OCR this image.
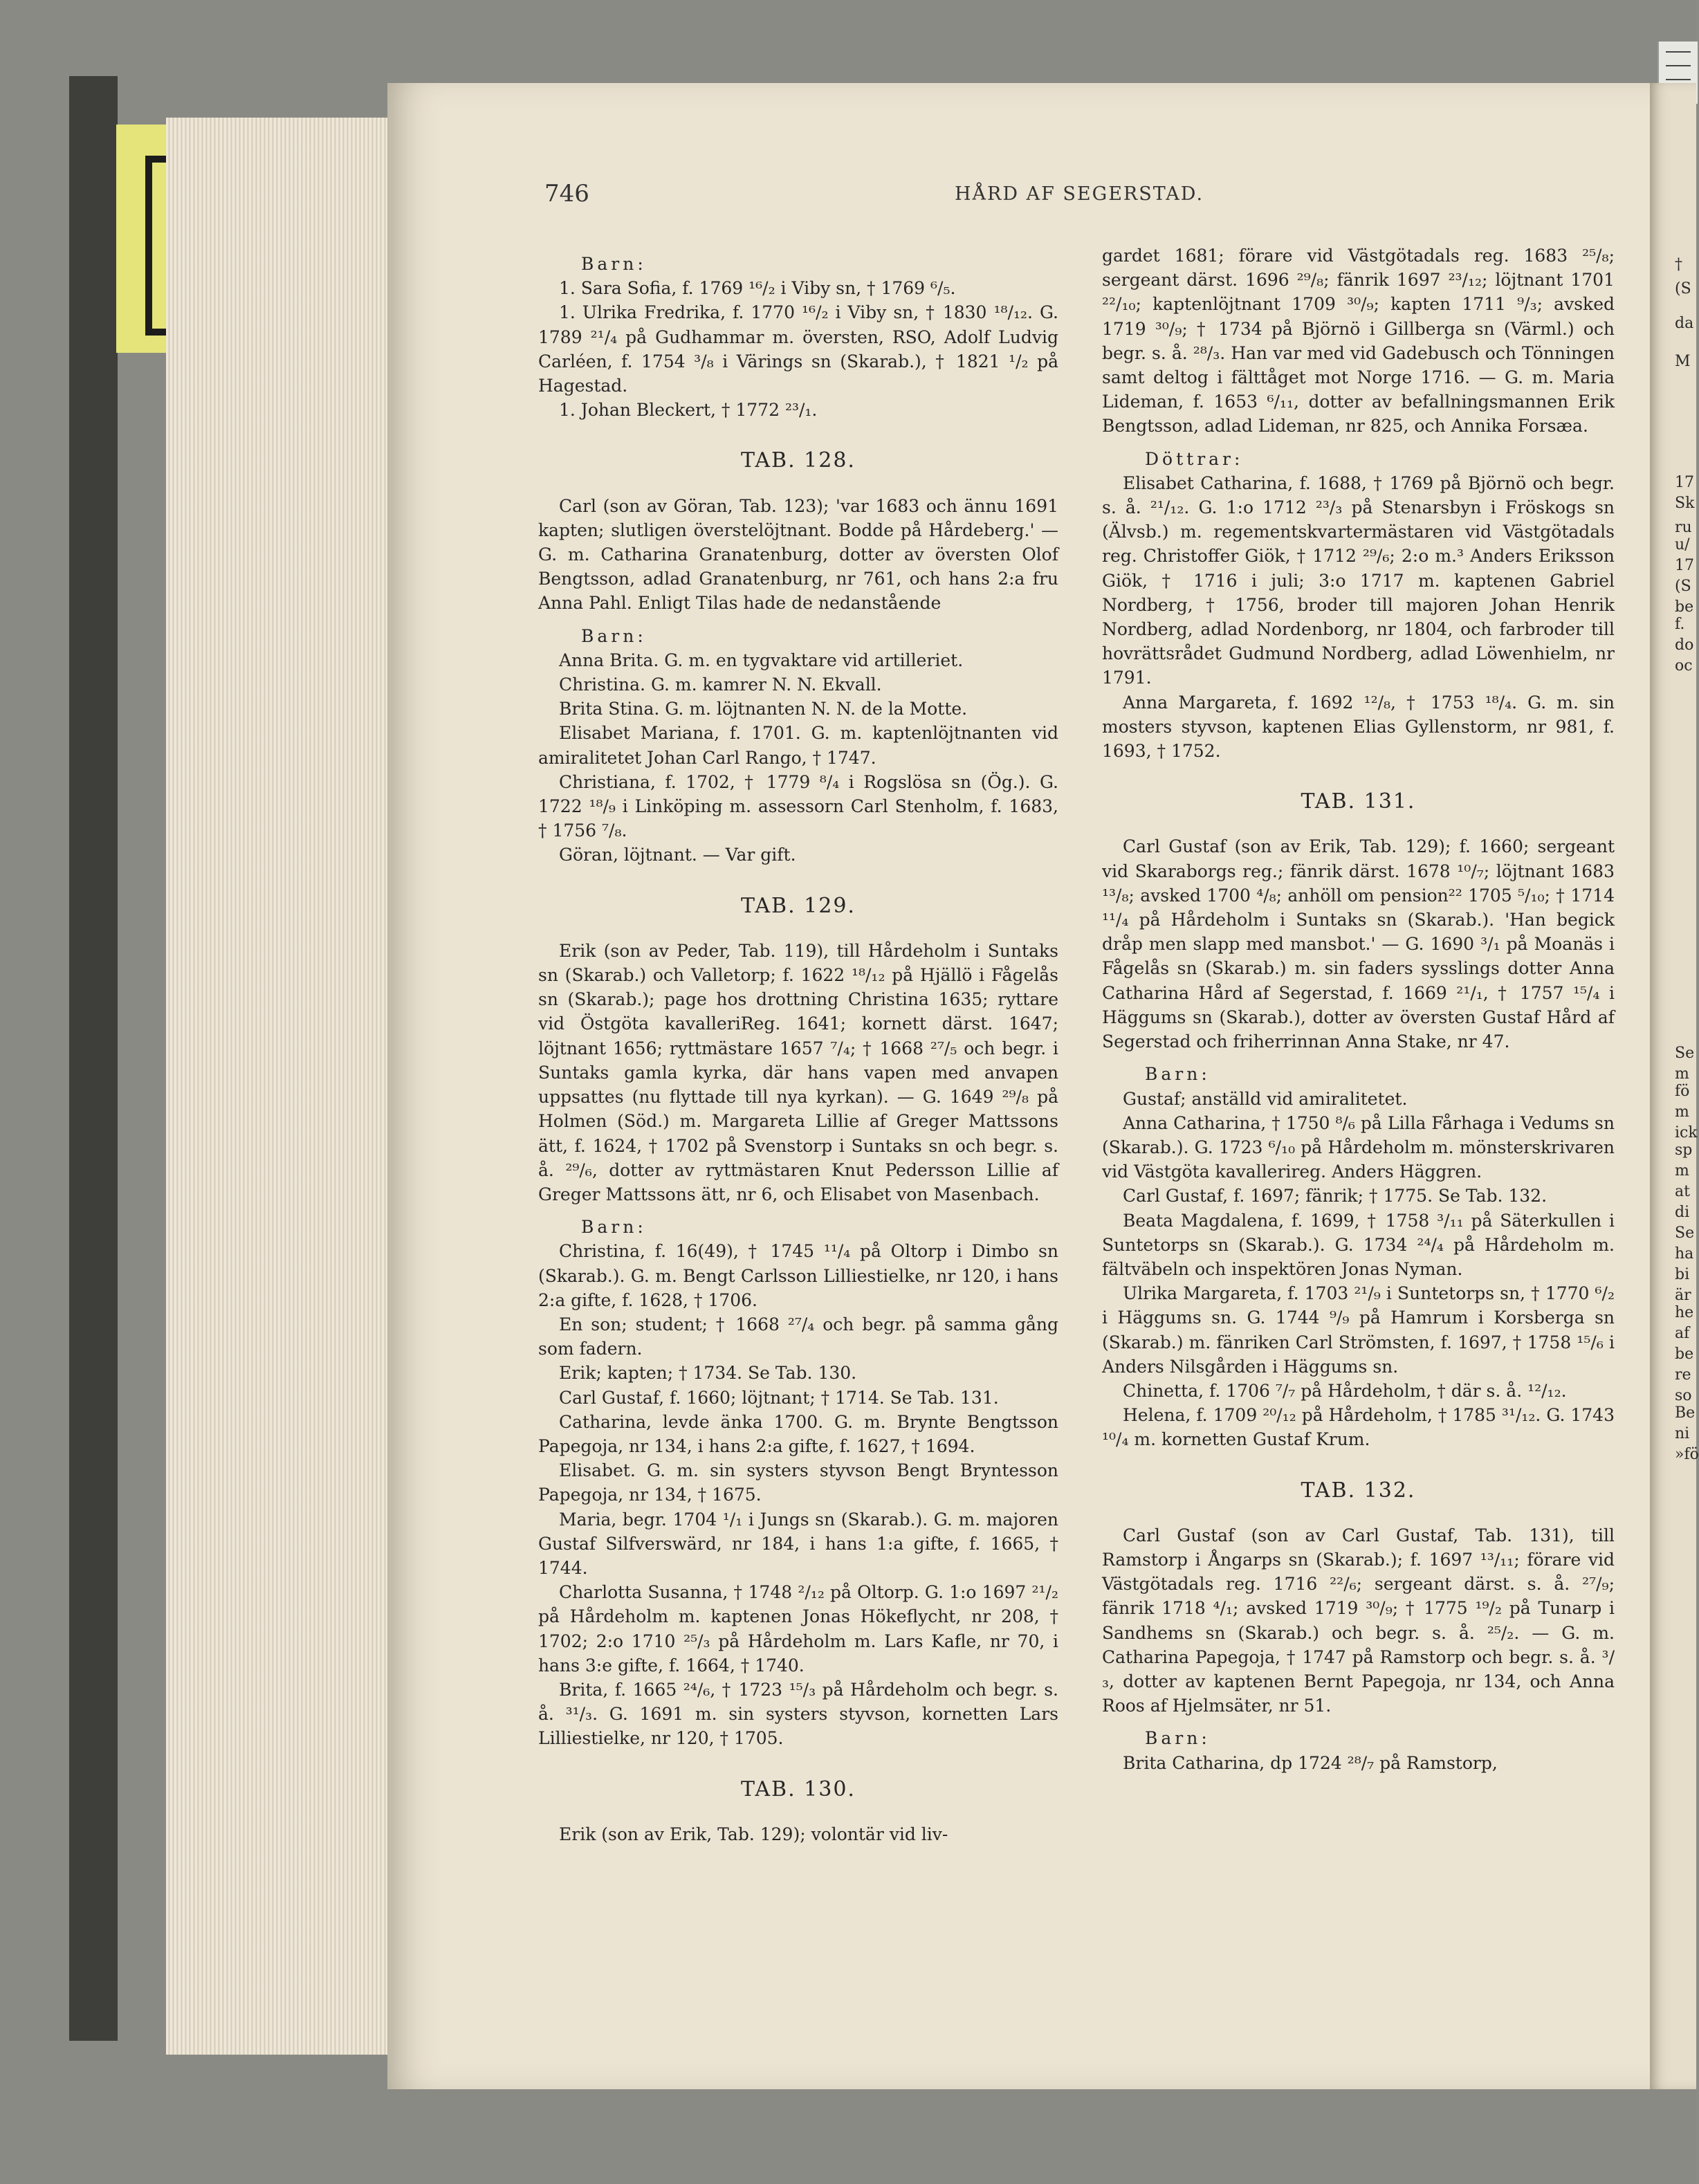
†
(S
da
M
17
Sk
ru
u/
17
(S
be
f.
do
oc
Se
m
fö
m
ick
sp
m
at
di
Se
ha
bi
är
he
af
be
re
so
Be
ni
»fö
746	HÅRD AF SEGERSTAD.

Barn:

1. Sara Sofia, f. 1769 ¹⁶/₂ i Viby sn, † 1769 ⁶/₅.

1. Ulrika Fredrika, f. 1770 ¹⁶/₂ i Viby sn, † 1830 ¹⁸/₁₂. G. 1789 ²¹/₄ på Gudhammar m. översten, RSO, Adolf Ludvig Carléen, f. 1754 ³/₈ i Värings sn (Skarab.), † 1821 ¹/₂ på Hagestad.

1. Johan Bleckert, † 1772 ²³/₁.

TAB. 128.

Carl (son av Göran, Tab. 123); 'var 1683 och ännu 1691 kapten; slutligen överstelöjtnant. Bodde på Hårdeberg.' — G. m. Catharina Granatenburg, dotter av översten Olof Bengtsson, adlad Granatenburg, nr 761, och hans 2:a fru Anna Pahl. Enligt Tilas hade de nedanstående

Barn:

Anna Brita. G. m. en tygvaktare vid artilleriet.

Christina. G. m. kamrer N. N. Ekvall.

Brita Stina. G. m. löjtnanten N. N. de la Motte.

Elisabet Mariana, f. 1701. G. m. kaptenlöjtnanten vid amiralitetet Johan Carl Rango, † 1747.

Christiana, f. 1702, † 1779 ⁸/₄ i Rogslösa sn (Ög.). G. 1722 ¹⁸/₉ i Linköping m. assessorn Carl Stenholm, f. 1683, † 1756 ⁷/₈.

Göran, löjtnant. — Var gift.

TAB. 129.

Erik (son av Peder, Tab. 119), till Hårdeholm i Suntaks sn (Skarab.) och Valletorp; f. 1622 ¹⁸/₁₂ på Hjällö i Fågelås sn (Skarab.); page hos drottning Christina 1635; ryttare vid Östgöta kavalleriReg. 1641; kornett därst. 1647; löjtnant 1656; ryttmästare 1657 ⁷/₄; † 1668 ²⁷/₅ och begr. i Suntaks gamla kyrka, där hans vapen med anvapen uppsattes (nu flyttade till nya kyrkan). — G. 1649 ²⁹/₈ på Holmen (Söd.) m. Margareta Lillie af Greger Mattssons ätt, f. 1624, † 1702 på Svenstorp i Suntaks sn och begr. s. å. ²⁹/₆, dotter av ryttmästaren Knut Pedersson Lillie af Greger Mattssons ätt, nr 6, och Elisabet von Masenbach.

Barn:

Christina, f. 16(49), † 1745 ¹¹/₄ på Oltorp i Dimbo sn (Skarab.). G. m. Bengt Carlsson Lilliestielke, nr 120, i hans 2:a gifte, f. 1628, † 1706.

En son; student; † 1668 ²⁷/₄ och begr. på samma gång som fadern.

Erik; kapten; † 1734. Se Tab. 130.

Carl Gustaf, f. 1660; löjtnant; † 1714. Se Tab. 131.

Catharina, levde änka 1700. G. m. Brynte Bengtsson Papegoja, nr 134, i hans 2:a gifte, f. 1627, † 1694.

Elisabet. G. m. sin systers styvson Bengt Bryntesson Papegoja, nr 134, † 1675.

Maria, begr. 1704 ¹/₁ i Jungs sn (Skarab.). G. m. majoren Gustaf Silfverswärd, nr 184, i hans 1:a gifte, f. 1665, † 1744.

Charlotta Susanna, † 1748 ²/₁₂ på Oltorp. G. 1:o 1697 ²¹/₂ på Hårdeholm m. kaptenen Jonas Hökeflycht, nr 208, † 1702; 2:o 1710 ²⁵/₃ på Hårdeholm m. Lars Kafle, nr 70, i hans 3:e gifte, f. 1664, † 1740.

Brita, f. 1665 ²⁴/₆, † 1723 ¹⁵/₃ på Hårdeholm och begr. s. å. ³¹/₃. G. 1691 m. sin systers styvson, kornetten Lars Lilliestielke, nr 120, † 1705.

TAB. 130.

Erik (son av Erik, Tab. 129); volontär vid liv-

gardet 1681; förare vid Västgötadals reg. 1683 ²⁵/₈; sergeant därst. 1696 ²⁹/₈; fänrik 1697 ²³/₁₂; löjtnant 1701 ²²/₁₀; kaptenlöjtnant 1709 ³⁰/₉; kapten 1711 ⁹/₃; avsked 1719 ³⁰/₉; † 1734 på Björnö i Gillberga sn (Värml.) och begr. s. å. ²⁸/₃. Han var med vid Gadebusch och Tönningen samt deltog i fälttåget mot Norge 1716. — G. m. Maria Lideman, f. 1653 ⁶/₁₁, dotter av befallningsmannen Erik Bengtsson, adlad Lideman, nr 825, och Annika Forsæa.

Döttrar:

Elisabet Catharina, f. 1688, † 1769 på Björnö och begr. s. å. ²¹/₁₂. G. 1:o 1712 ²³/₃ på Stenarsbyn i Fröskogs sn (Älvsb.) m. regementskvartermästaren vid Västgötadals reg. Christoffer Giök, † 1712 ²⁹/₆; 2:o m.³ Anders Eriksson Giök, † 1716 i juli; 3:o 1717 m. kaptenen Gabriel Nordberg, † 1756, broder till majoren Johan Henrik Nordberg, adlad Nordenborg, nr 1804, och farbroder till hovrättsrådet Gudmund Nordberg, adlad Löwenhielm, nr 1791.

Anna Margareta, f. 1692 ¹²/₈, † 1753 ¹⁸/₄. G. m. sin mosters styvson, kaptenen Elias Gyllenstorm, nr 981, f. 1693, † 1752.

TAB. 131.

Carl Gustaf (son av Erik, Tab. 129); f. 1660; sergeant vid Skaraborgs reg.; fänrik därst. 1678 ¹⁰/₇; löjtnant 1683 ¹³/₈; avsked 1700 ⁴/₈; anhöll om pension²² 1705 ⁵/₁₀; † 1714 ¹¹/₄ på Hårdeholm i Suntaks sn (Skarab.). 'Han begick dråp men slapp med mansbot.' — G. 1690 ³/₁ på Moanäs i Fågelås sn (Skarab.) m. sin faders sysslings dotter Anna Catharina Hård af Segerstad, f. 1669 ²¹/₁, † 1757 ¹⁵/₄ i Häggums sn (Skarab.), dotter av översten Gustaf Hård af Segerstad och friherrinnan Anna Stake, nr 47.

Barn:

Gustaf; anställd vid amiralitetet.

Anna Catharina, † 1750 ⁸/₆ på Lilla Fårhaga i Vedums sn (Skarab.). G. 1723 ⁶/₁₀ på Hårdeholm m. mönsterskrivaren vid Västgöta kavallerireg. Anders Häggren.

Carl Gustaf, f. 1697; fänrik; † 1775. Se Tab. 132.

Beata Magdalena, f. 1699, † 1758 ³/₁₁ på Säterkullen i Suntetorps sn (Skarab.). G. 1734 ²⁴/₄ på Hårdeholm m. fältväbeln och inspektören Jonas Nyman.

Ulrika Margareta, f. 1703 ²¹/₉ i Suntetorps sn, † 1770 ⁶/₂ i Häggums sn. G. 1744 ⁹/₉ på Hamrum i Korsberga sn (Skarab.) m. fänriken Carl Strömsten, f. 1697, † 1758 ¹⁵/₆ i Anders Nilsgården i Häggums sn.

Chinetta, f. 1706 ⁷/₇ på Hårdeholm, † där s. å. ¹²/₁₂.

Helena, f. 1709 ²⁰/₁₂ på Hårdeholm, † 1785 ³¹/₁₂. G. 1743 ¹⁰/₄ m. kornetten Gustaf Krum.

TAB. 132.

Carl Gustaf (son av Carl Gustaf, Tab. 131), till Ramstorp i Ångarps sn (Skarab.); f. 1697 ¹³/₁₁; förare vid Västgötadals reg. 1716 ²²/₆; sergeant därst. s. å. ²⁷/₉; fänrik 1718 ⁴/₁; avsked 1719 ³⁰/₉; † 1775 ¹⁹/₂ på Tunarp i Sandhems sn (Skarab.) och begr. s. å. ²⁵/₂. — G. m. Catharina Papegoja, † 1747 på Ramstorp och begr. s. å. ³/₃, dotter av kaptenen Bernt Papegoja, nr 134, och Anna Roos af Hjelmsäter, nr 51.

Barn:

Brita Catharina, dp 1724 ²⁸/₇ på Ramstorp,
